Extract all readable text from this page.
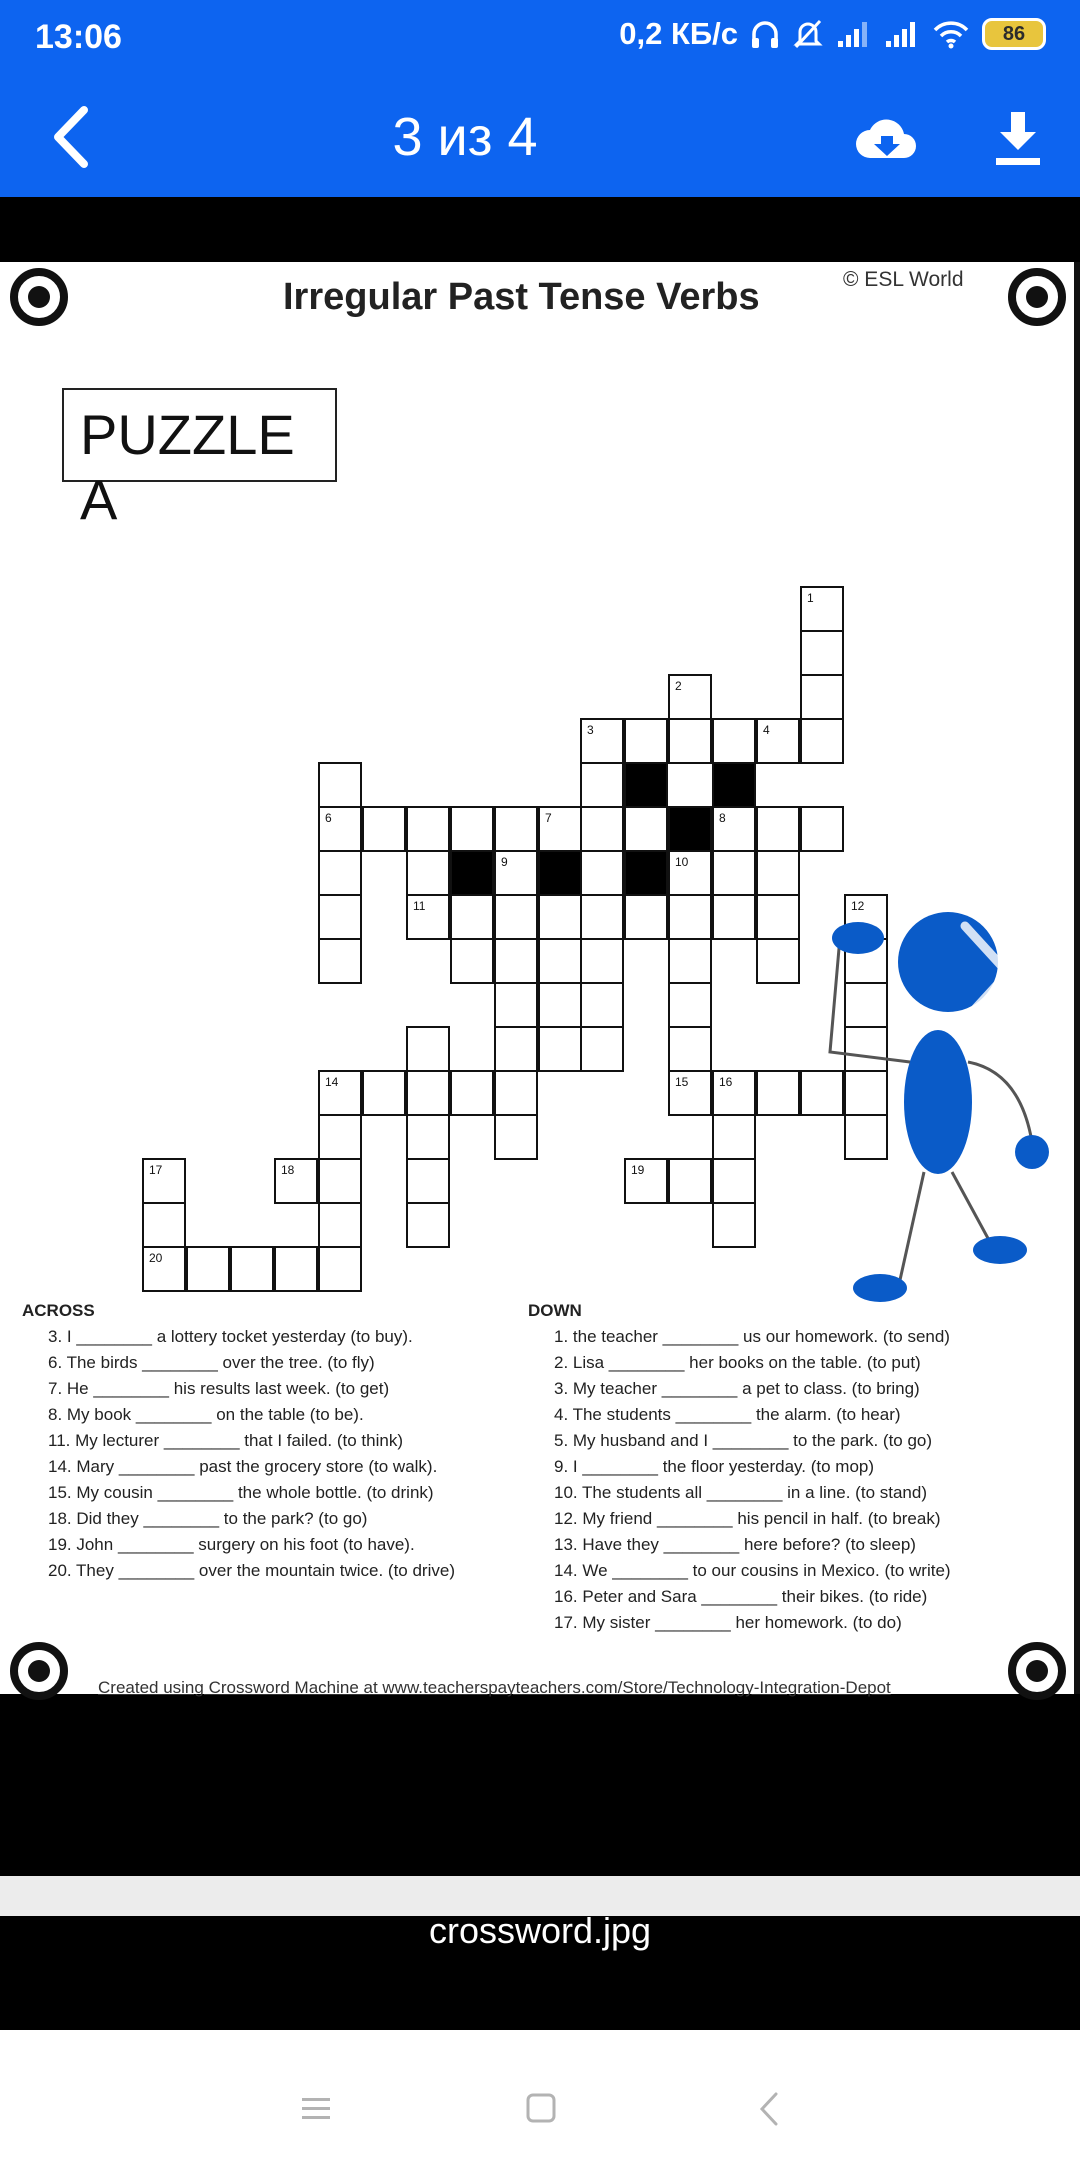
13:06	0,2 КБ/с	86
3 из 4
Irregular Past Tense Verbs	© ESL World
PUZZLE A
1
2
3	4
6	7	8
9	10
11	12
14	15	16
17	18	19
20
ACROSS
3. I ________ a lottery tocket yesterday (to buy).
6. The birds ________ over the tree. (to fly)
7. He ________ his results last week. (to get)
8. My book ________ on the table (to be).
11. My lecturer ________ that I failed. (to think)
14. Mary ________ past the grocery store (to walk).
15. My cousin ________ the whole bottle. (to drink)
18. Did they ________ to the park? (to go)
19. John ________ surgery on his foot (to have).
20. They ________ over the mountain twice. (to drive)
DOWN
1. the teacher ________ us our homework. (to send)
2. Lisa ________ her books on the table. (to put)
3. My teacher ________ a pet to class. (to bring)
4. The students ________ the alarm. (to hear)
5. My husband and I ________ to the park. (to go)
9. I ________ the floor yesterday. (to mop)
10. The students all ________ in a line. (to stand)
12. My friend ________ his pencil in half. (to break)
13. Have they ________ here before? (to sleep)
14. We ________ to our cousins in Mexico. (to write)
16. Peter and Sara ________ their bikes. (to ride)
17. My sister ________ her homework. (to do)
Created using Crossword Machine at www.teacherspayteachers.com/Store/Technology-Integration-Depot
crossword.jpg
